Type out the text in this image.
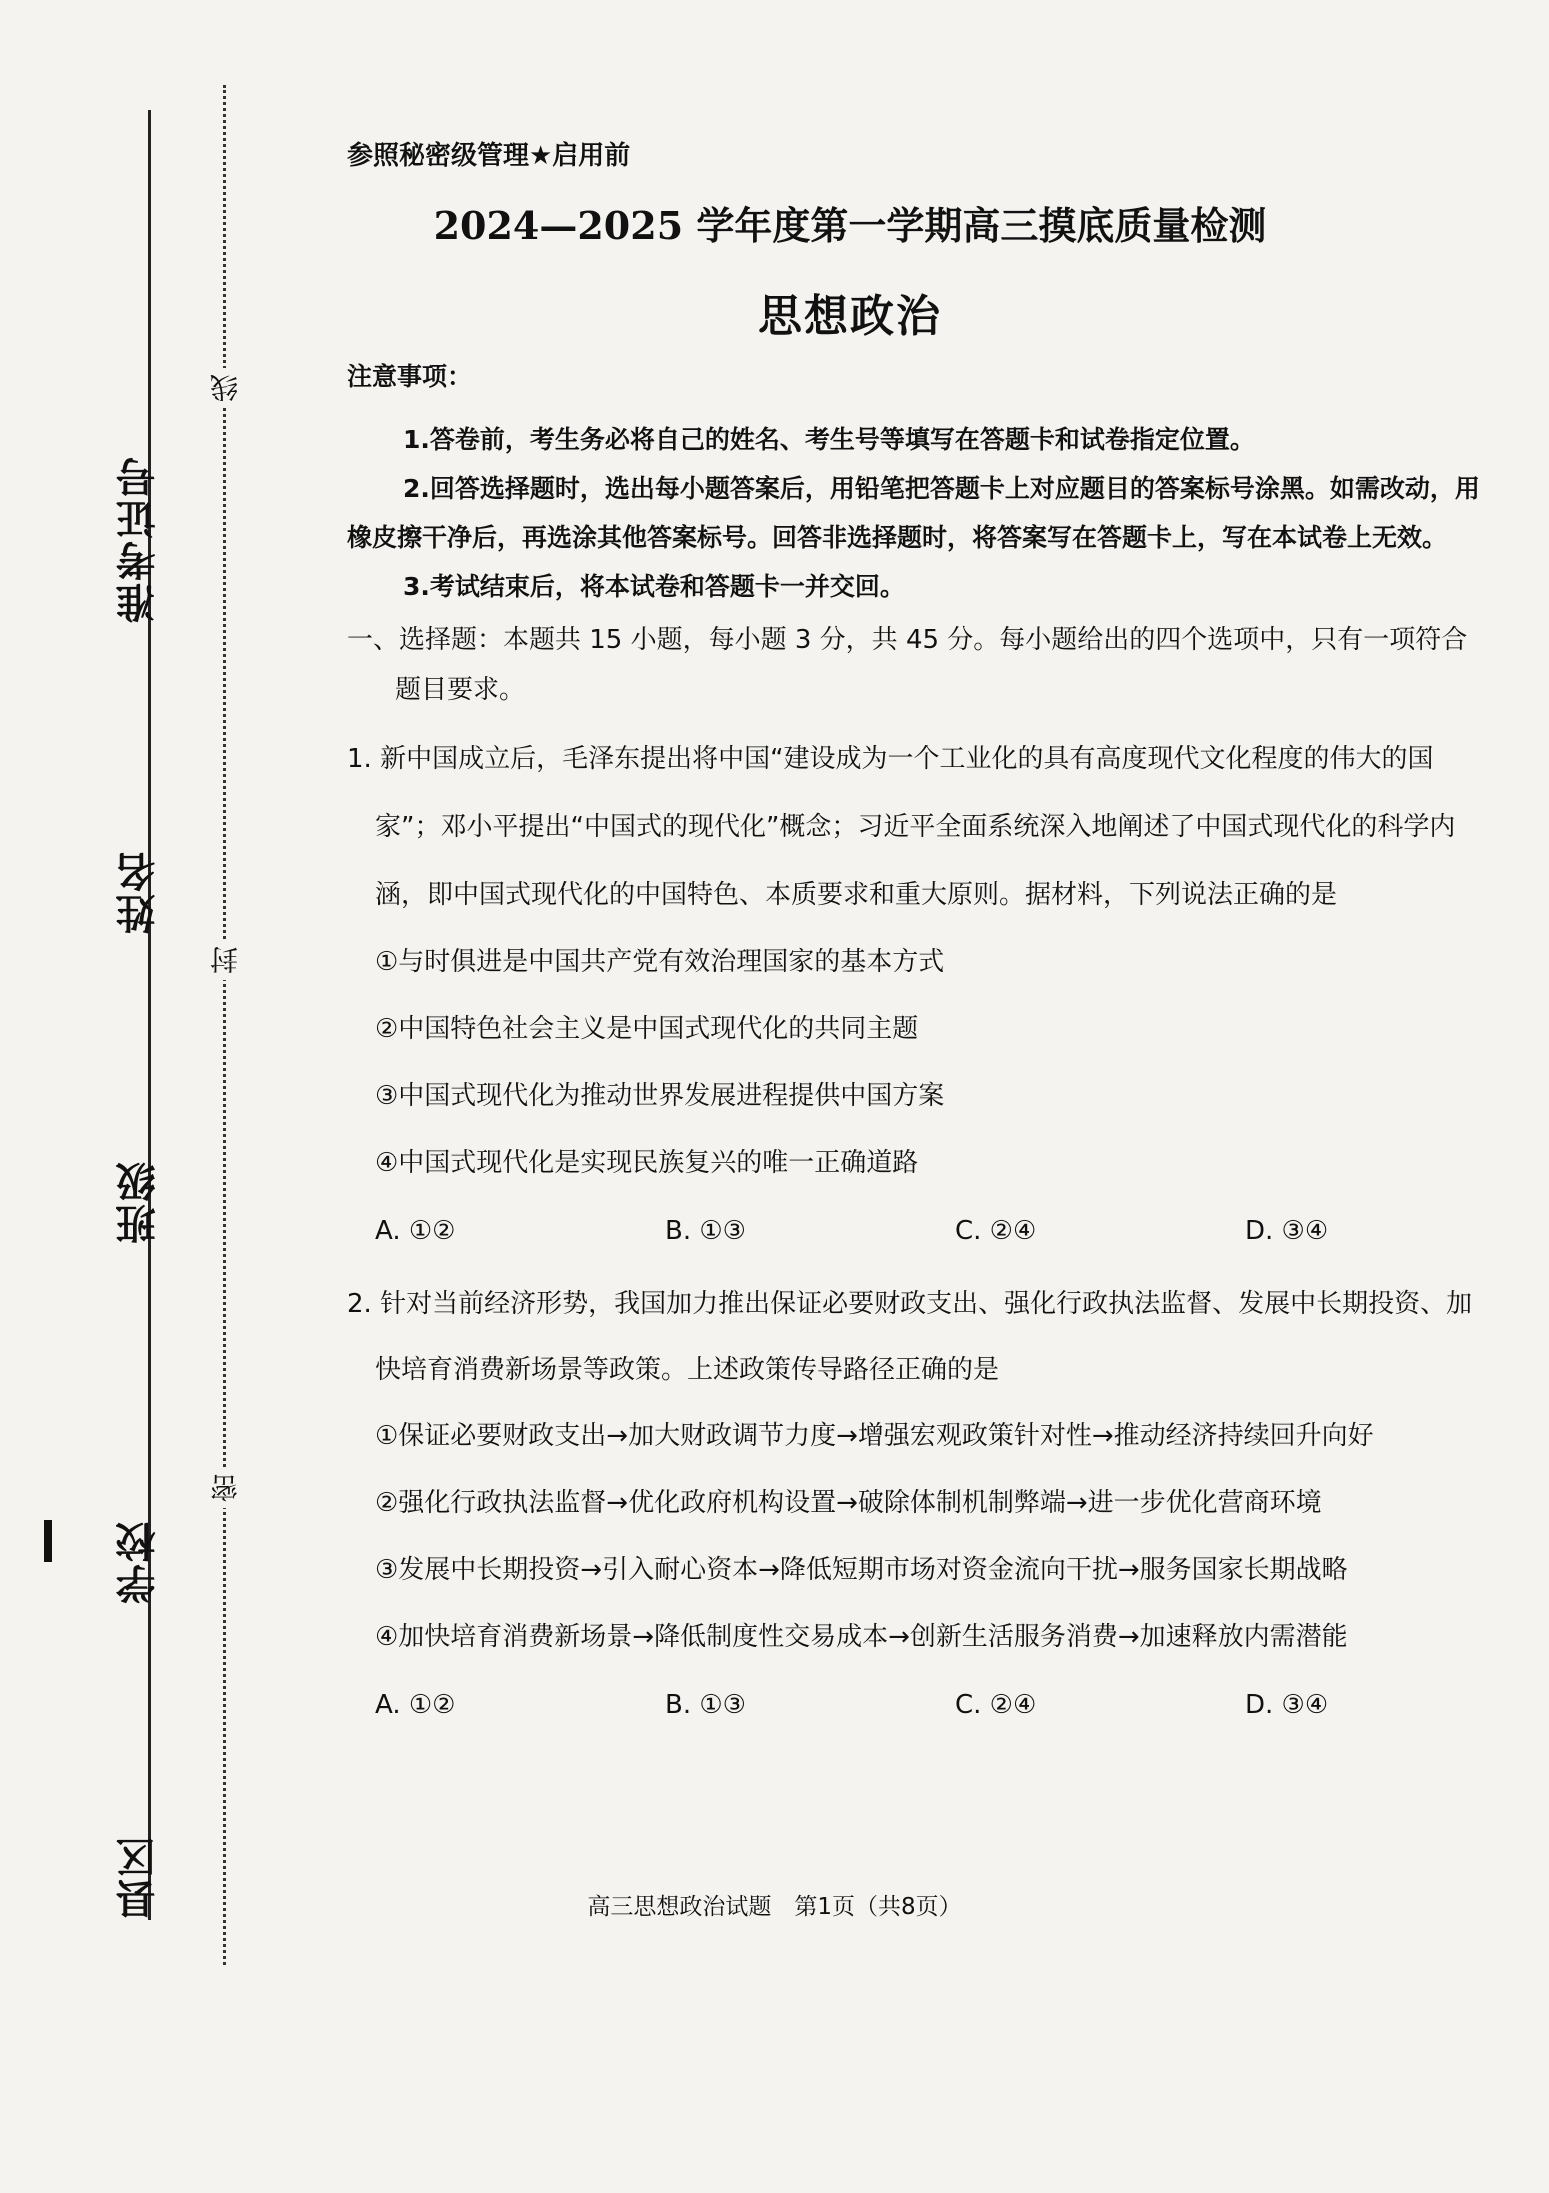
准考证号
姓名
班级
学校
县区
线
封
密
参照秘密级管理★启用前
2024—2025 学年度第一学期高三摸底质量检测
思想政治
注意事项：
1.答卷前，考生务必将自己的姓名、考生号等填写在答题卡和试卷指定位置。
2.回答选择题时，选出每小题答案后，用铅笔把答题卡上对应题目的答案标号涂黑。如需改动，用橡皮擦干净后，再选涂其他答案标号。回答非选择题时，将答案写在答题卡上，写在本试卷上无效。
3.考试结束后，将本试卷和答题卡一并交回。
一、选择题：本题共 15 小题，每小题 3 分，共 45 分。每小题给出的四个选项中，只有一项符合题目要求。
1. 新中国成立后，毛泽东提出将中国“建设成为一个工业化的具有高度现代文化程度的伟大的国家”；邓小平提出“中国式的现代化”概念；习近平全面系统深入地阐述了中国式现代化的科学内涵，即中国式现代化的中国特色、本质要求和重大原则。据材料，下列说法正确的是
①与时俱进是中国共产党有效治理国家的基本方式
②中国特色社会主义是中国式现代化的共同主题
③中国式现代化为推动世界发展进程提供中国方案
④中国式现代化是实现民族复兴的唯一正确道路
A. ①②	B. ①③	C. ②④	D. ③④
2. 针对当前经济形势，我国加力推出保证必要财政支出、强化行政执法监督、发展中长期投资、加快培育消费新场景等政策。上述政策传导路径正确的是
①保证必要财政支出→加大财政调节力度→增强宏观政策针对性→推动经济持续回升向好
②强化行政执法监督→优化政府机构设置→破除体制机制弊端→进一步优化营商环境
③发展中长期投资→引入耐心资本→降低短期市场对资金流向干扰→服务国家长期战略
④加快培育消费新场景→降低制度性交易成本→创新生活服务消费→加速释放内需潜能
A. ①②	B. ①③	C. ②④	D. ③④
高三思想政治试题　第1页（共8页）
